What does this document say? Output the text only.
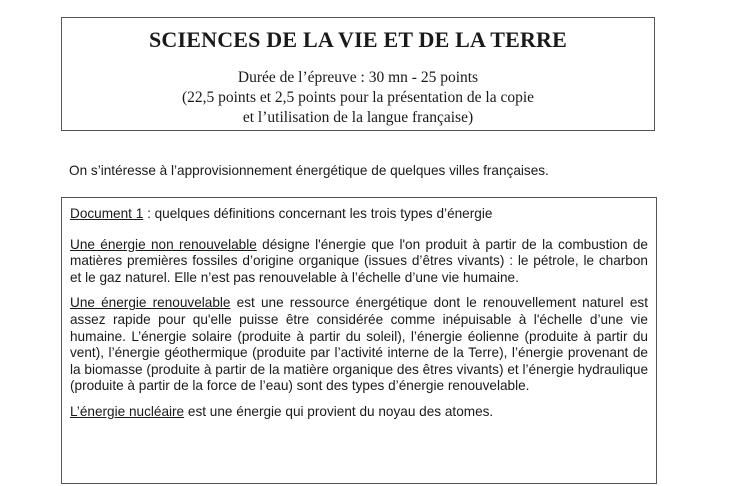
SCIENCES DE LA VIE ET DE LA TERRE
Durée de l’épreuve : 30 mn - 25 points
(22,5 points et 2,5 points pour la présentation de la copie
et l’utilisation de la langue française)
On s’intéresse à l’approvisionnement énergétique de quelques villes françaises.

Document 1 : quelques définitions concernant les trois types d’énergie

Une énergie non renouvelable désigne l'énergie que l'on produit à partir de la combustion de matières premières fossiles d’origine organique (issues d’êtres vivants) : le pétrole, le charbon et le gaz naturel. Elle n’est pas renouvelable à l’échelle d’une vie humaine.

Une énergie renouvelable est une ressource énergétique dont le renouvellement naturel est assez rapide pour qu'elle puisse être considérée comme inépuisable à l'échelle d’une vie humaine. L’énergie solaire (produite à partir du soleil), l’énergie éolienne (produite à partir du vent), l’énergie géothermique (produite par l’activité interne de la Terre), l’énergie provenant de la biomasse (produite à partir de la matière organique des êtres vivants) et l’énergie hydraulique (produite à partir de la force de l’eau) sont des types d’énergie renouvelable.

L’énergie nucléaire est une énergie qui provient du noyau des atomes.
